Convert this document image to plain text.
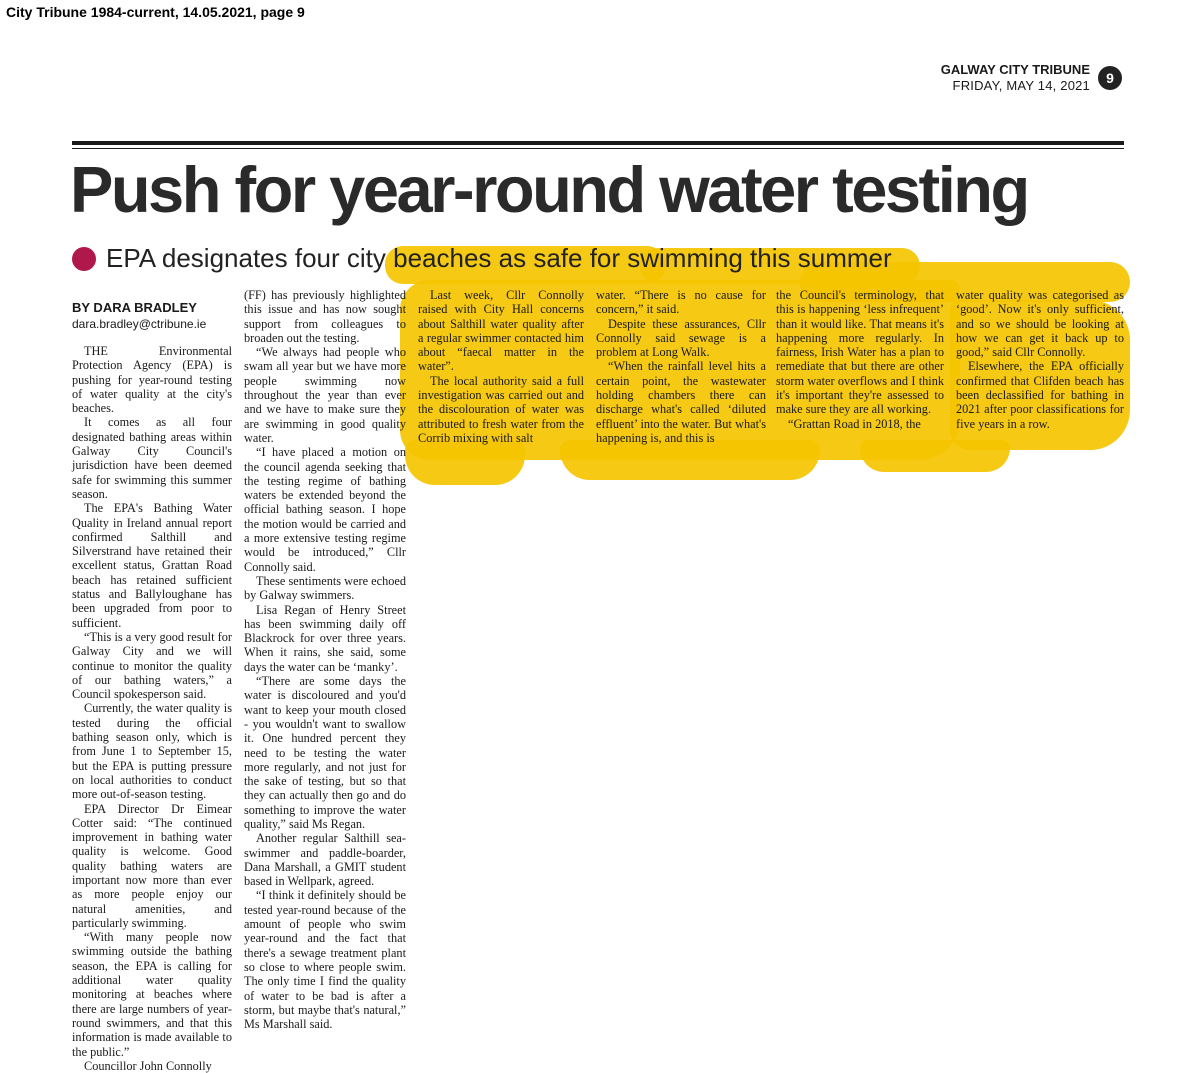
City Tribune 1984-current, 14.05.2021, page 9
GALWAY CITY TRIBUNE
FRIDAY, MAY 14, 2021	9
Push for year-round water testing
EPA designates four city beaches as safe for swimming this summer
BY DARA BRADLEY
dara.bradley@ctribune.ie

THE Environmental Protection Agency (EPA) is pushing for year-round testing of water quality at the city's beaches.

It comes as all four designated bathing areas within Galway City Council's jurisdiction have been deemed safe for swimming this summer season.

The EPA's Bathing Water Quality in Ireland annual report confirmed Salthill and Silverstrand have retained their excellent status, Grattan Road beach has retained sufficient status and Ballyloughane has been upgraded from poor to sufficient.

“This is a very good result for Galway City and we will continue to monitor the quality of our bathing waters,” a Council spokesperson said.

Currently, the water quality is tested during the official bathing season only, which is from June 1 to September 15, but the EPA is putting pressure on local authorities to conduct more out-of-season testing.

EPA Director Dr Eimear Cotter said: “The continued improvement in bathing water quality is welcome. Good quality bathing waters are important now more than ever as more people enjoy our natural amenities, and particularly swimming.

“With many people now swimming outside the bathing season, the EPA is calling for additional water quality monitoring at beaches where there are large numbers of year-round swimmers, and that this information is made available to the public.”

Councillor John Connolly

(FF) has previously highlighted this issue and has now sought support from colleagues to broaden out the testing.

“We always had people who swam all year but we have more people swimming now throughout the year than ever and we have to make sure they are swimming in good quality water.

“I have placed a motion on the council agenda seeking that the testing regime of bathing waters be extended beyond the official bathing season. I hope the motion would be carried and a more extensive testing regime would be introduced,” Cllr Connolly said.

These sentiments were echoed by Galway swimmers.

Lisa Regan of Henry Street has been swimming daily off Blackrock for over three years. When it rains, she said, some days the water can be ‘manky’.

“There are some days the water is discoloured and you'd want to keep your mouth closed - you wouldn't want to swallow it. One hundred percent they need to be testing the water more regularly, and not just for the sake of testing, but so that they can actually then go and do something to improve the water quality,” said Ms Regan.

Another regular Salthill sea-swimmer and paddle-boarder, Dana Marshall, a GMIT student based in Wellpark, agreed.

“I think it definitely should be tested year-round because of the amount of people who swim year-round and the fact that there's a sewage treatment plant so close to where people swim. The only time I find the quality of water to be bad is after a storm, but maybe that's natural,” Ms Marshall said.

Last week, Cllr Connolly raised with City Hall concerns about Salthill water quality after a regular swimmer contacted him about “faecal matter in the water”.

The local authority said a full investigation was carried out and the discolouration of water was attributed to fresh water from the Corrib mixing with salt

water. “There is no cause for concern,” it said.

Despite these assurances, Cllr Connolly said sewage is a problem at Long Walk.

“When the rainfall level hits a certain point, the wastewater holding chambers there can discharge what's called ‘diluted effluent’ into the water. But what's happening is, and this is

the Council's terminology, that this is happening ‘less infrequent’ than it would like. That means it's happening more regularly. In fairness, Irish Water has a plan to remediate that but there are other storm water overflows and I think it's important they're assessed to make sure they are all working.

“Grattan Road in 2018, the

water quality was categorised as ‘good’. Now it's only sufficient, and so we should be looking at how we can get it back up to good,” said Cllr Connolly.

Elsewhere, the EPA officially confirmed that Clifden beach has been declassified for bathing in 2021 after poor classifications for five years in a row.
